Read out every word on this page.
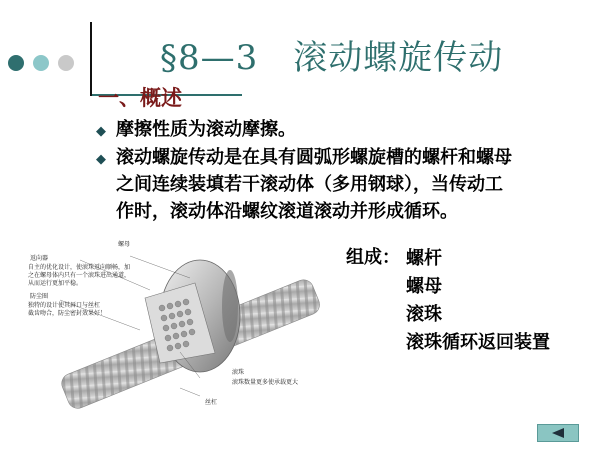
§8—3　滚动螺旋传动
一、概述
◆ 摩擦性质为滚动摩擦。
◆ 滚动螺旋传动是在具有圆弧形螺旋槽的螺杆和螺母
之间连续装填若干滚动体（多用钢球），当传动工
作时，滚动体沿螺纹滚道滚动并形成循环。
螺母
返向器
自主的优化设计，使滚珠返向顺畅，加
之在螺母体内只有一个滚珠进出通道，
从而运行更加平稳。
防尘圈
独特的设计使其唇口与丝杠
截齿吻合，防尘密封效果好！
滚珠
滚珠数量更多使承载更大
丝杠
组成： 螺杆
螺母
滚珠
滚珠循环返回装置
